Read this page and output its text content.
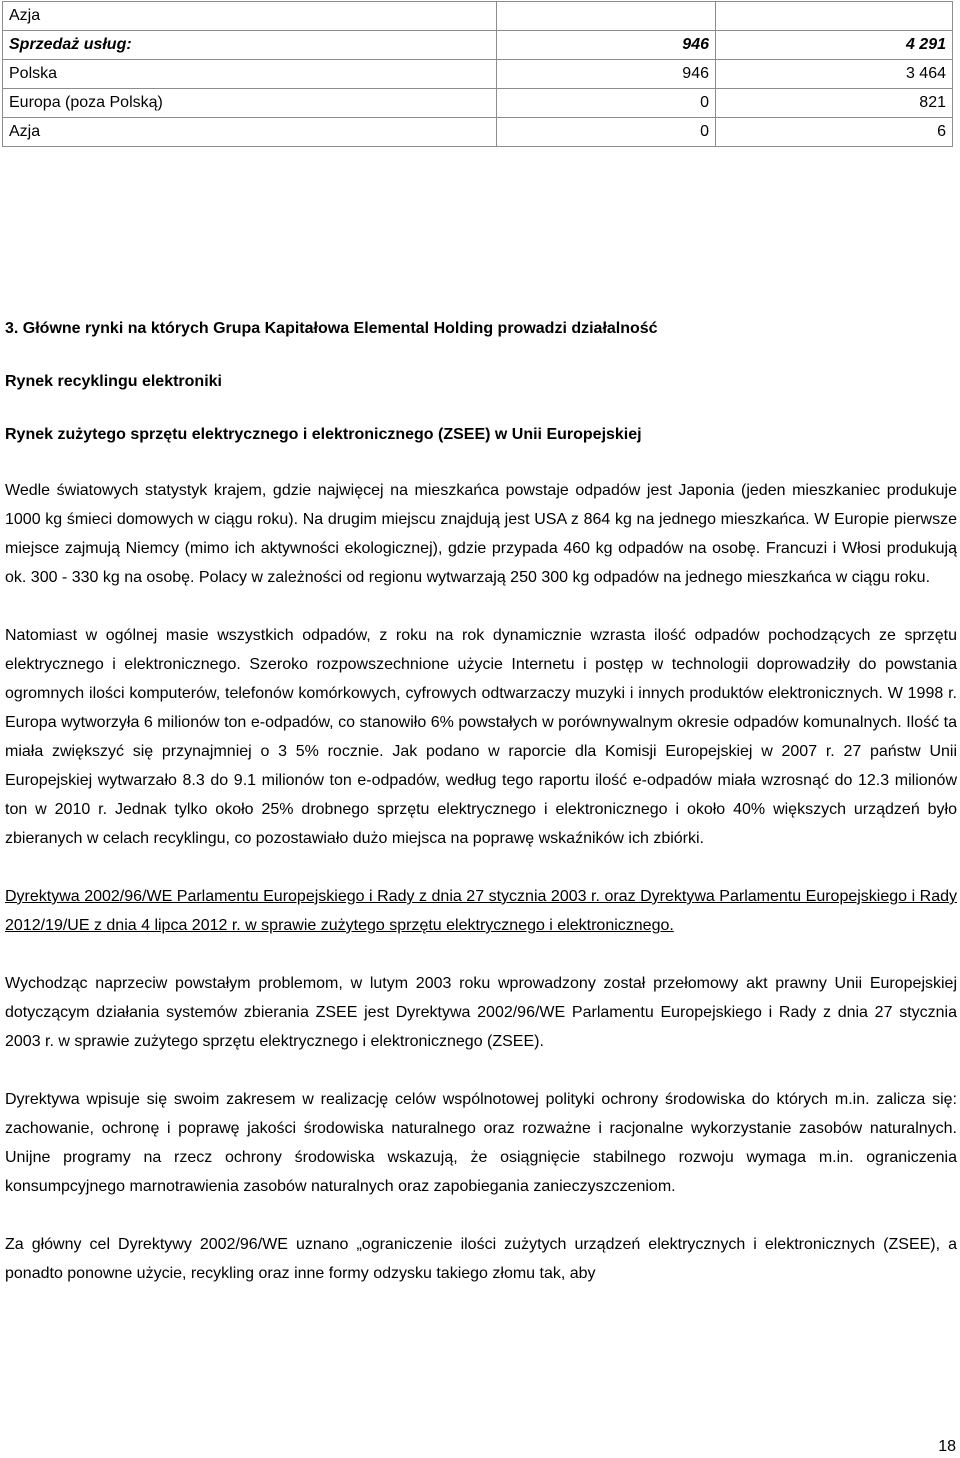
Azja		
Sprzedaż usług:	946	4 291
Polska	946	3 464
Europa (poza Polską)	0	821
Azja	0	6

3. Główne rynki na których Grupa Kapitałowa Elemental Holding prowadzi działalność

Rynek recyklingu elektroniki

Rynek zużytego sprzętu elektrycznego i elektronicznego (ZSEE) w Unii Europejskiej

Wedle światowych statystyk krajem, gdzie najwięcej na mieszkańca powstaje odpadów jest Japonia (jeden mieszkaniec produkuje 1000 kg śmieci domowych w ciągu roku). Na drugim miejscu znajdują jest USA z 864 kg na jednego mieszkańca. W Europie pierwsze miejsce zajmują Niemcy (mimo ich aktywności ekologicznej), gdzie przypada 460 kg odpadów na osobę. Francuzi i Włosi produkują ok. 300 - 330 kg na osobę. Polacy w zależności od regionu wytwarzają 250 300 kg odpadów na jednego mieszkańca w ciągu roku.

Natomiast w ogólnej masie wszystkich odpadów, z roku na rok dynamicznie wzrasta ilość odpadów pochodzących ze sprzętu elektrycznego i elektronicznego. Szeroko rozpowszechnione użycie Internetu i postęp w technologii doprowadziły do powstania ogromnych ilości komputerów, telefonów komórkowych, cyfrowych odtwarzaczy muzyki i innych produktów elektronicznych. W 1998 r. Europa wytworzyła 6 milionów ton e-odpadów, co stanowiło 6% powstałych w porównywalnym okresie odpadów komunalnych. Ilość ta miała zwiększyć się przynajmniej o 3 5% rocznie. Jak podano w raporcie dla Komisji Europejskiej w 2007 r. 27 państw Unii Europejskiej wytwarzało 8.3 do 9.1 milionów ton e-odpadów, według tego raportu ilość e-odpadów miała wzrosnąć do 12.3 milionów ton w 2010 r. Jednak tylko około 25% drobnego sprzętu elektrycznego i elektronicznego i około 40% większych urządzeń było zbieranych w celach recyklingu, co pozostawiało dużo miejsca na poprawę wskaźników ich zbiórki.

Dyrektywa 2002/96/WE Parlamentu Europejskiego i Rady z dnia 27 stycznia 2003 r. oraz Dyrektywa Parlamentu Europejskiego i Rady 2012/19/UE z dnia 4 lipca 2012 r. w sprawie zużytego sprzętu elektrycznego i elektronicznego.

Wychodząc naprzeciw powstałym problemom, w lutym 2003 roku wprowadzony został przełomowy akt prawny Unii Europejskiej dotyczącym działania systemów zbierania ZSEE jest Dyrektywa 2002/96/WE Parlamentu Europejskiego i Rady z dnia 27 stycznia 2003 r. w sprawie zużytego sprzętu elektrycznego i elektronicznego (ZSEE).

Dyrektywa wpisuje się swoim zakresem w realizację celów wspólnotowej polityki ochrony środowiska do których m.in. zalicza się: zachowanie, ochronę i poprawę jakości środowiska naturalnego oraz rozważne i racjonalne wykorzystanie zasobów naturalnych. Unijne programy na rzecz ochrony środowiska wskazują, że osiągnięcie stabilnego rozwoju wymaga m.in. ograniczenia konsumpcyjnego marnotrawienia zasobów naturalnych oraz zapobiegania zanieczyszczeniom.

Za główny cel Dyrektywy 2002/96/WE uznano „ograniczenie ilości zużytych urządzeń elektrycznych i elektronicznych (ZSEE), a ponadto ponowne użycie, recykling oraz inne formy odzysku takiego złomu tak, aby

18
